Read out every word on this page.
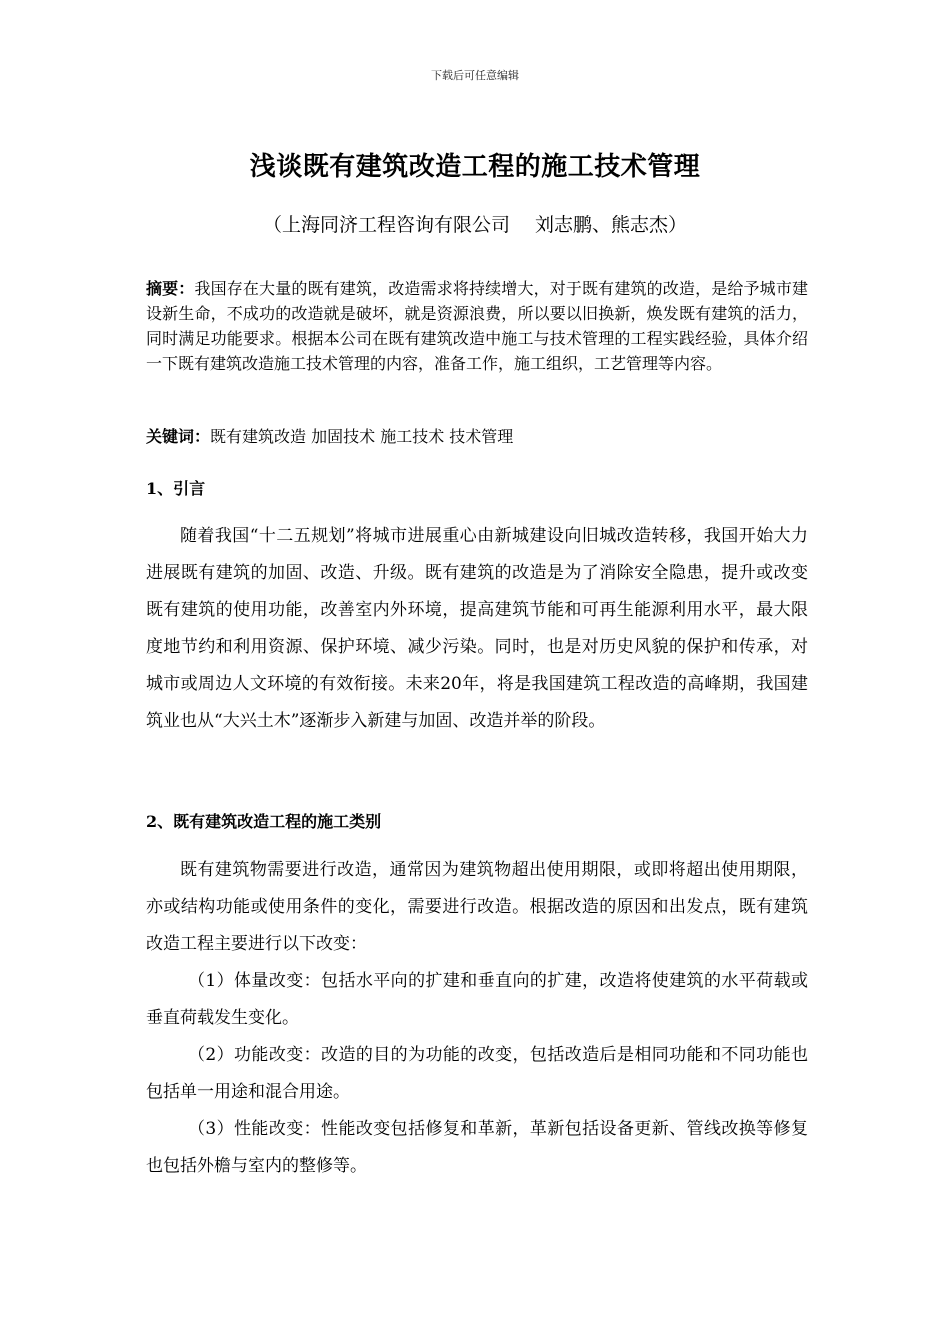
下载后可任意编辑
浅谈既有建筑改造工程的施工技术管理
（上海同济工程咨询有限公司 　刘志鹏、熊志杰）
摘要：我国存在大量的既有建筑，改造需求将持续增大，对于既有建筑的改造，是给予城市建设新生命，不成功的改造就是破坏，就是资源浪费，所以要以旧换新，焕发既有建筑的活力，同时满足功能要求。根据本公司在既有建筑改造中施工与技术管理的工程实践经验，具体介绍一下既有建筑改造施工技术管理的内容，准备工作，施工组织，工艺管理等内容。
关键词：既有建筑改造 加固技术 施工技术 技术管理
1、引言
随着我国“十二五规划”将城市进展重心由新城建设向旧城改造转移，我国开始大力进展既有建筑的加固、改造、升级。既有建筑的改造是为了消除安全隐患，提升或改变既有建筑的使用功能，改善室内外环境，提高建筑节能和可再生能源利用水平，最大限度地节约和利用资源、保护环境、减少污染。同时，也是对历史风貌的保护和传承，对城市或周边人文环境的有效衔接。未来20年，将是我国建筑工程改造的高峰期，我国建筑业也从“大兴土木”逐渐步入新建与加固、改造并举的阶段。
2、既有建筑改造工程的施工类别
既有建筑物需要进行改造，通常因为建筑物超出使用期限，或即将超出使用期限，亦或结构功能或使用条件的变化，需要进行改造。根据改造的原因和出发点，既有建筑改造工程主要进行以下改变：

（1）体量改变：包括水平向的扩建和垂直向的扩建，改造将使建筑的水平荷载或垂直荷载发生变化。

（2）功能改变：改造的目的为功能的改变，包括改造后是相同功能和不同功能也包括单一用途和混合用途。

（3）性能改变：性能改变包括修复和革新，革新包括设备更新、管线改换等修复也包括外檐与室内的整修等。
